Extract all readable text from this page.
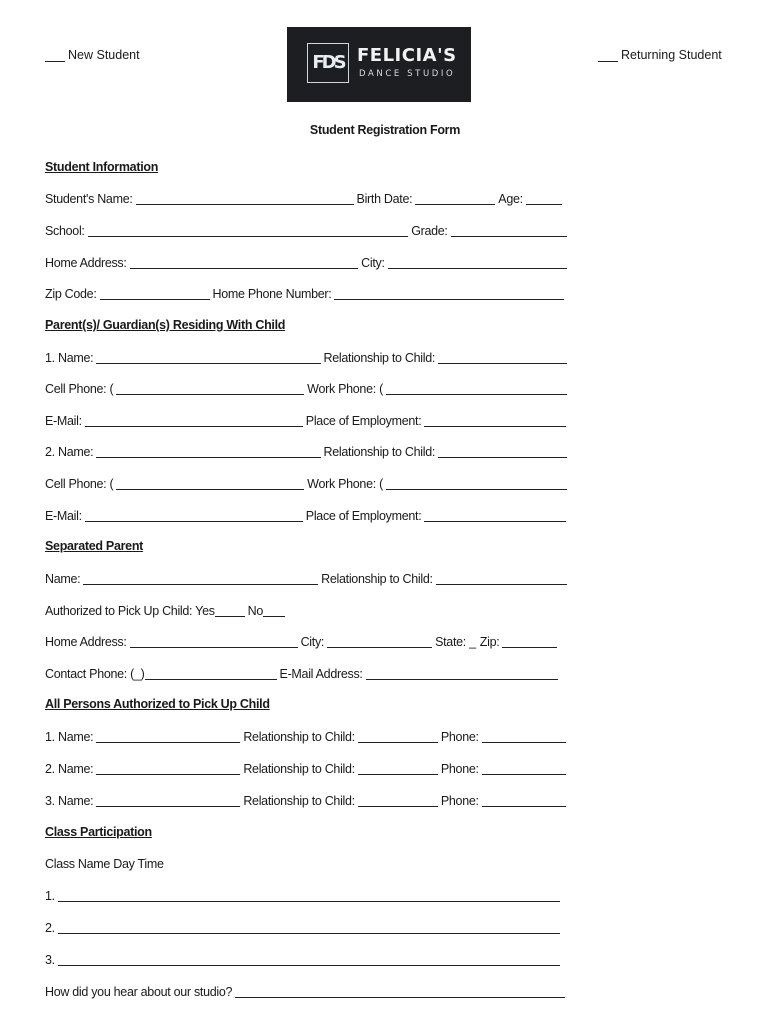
New Student	Returning Student
FDS FELICIA'S
DANCE STUDIO
Student Registration Form
Student Information
Student's Name:	Birth Date:	Age:
School:	Grade:
Home Address:	City:
Zip Code:	Home Phone Number:
Parent(s)/ Guardian(s) Residing With Child
1. Name:	Relationship to Child:
Cell Phone: (	Work Phone: (
E-Mail:	Place of Employment:
2. Name:	Relationship to Child:
Cell Phone: (	Work Phone: (
E-Mail:	Place of Employment:
Separated Parent
Name:	Relationship to Child:
Authorized to Pick Up Child: Yes	No
Home Address:	City:	State: _ Zip:
Contact Phone: (_)	E-Mail Address:
All Persons Authorized to Pick Up Child
1. Name:	Relationship to Child:	Phone:
2. Name:	Relationship to Child:	Phone:
3. Name:	Relationship to Child:	Phone:
Class Participation
Class Name Day Time
1.
2.
3.
How did you hear about our studio?
